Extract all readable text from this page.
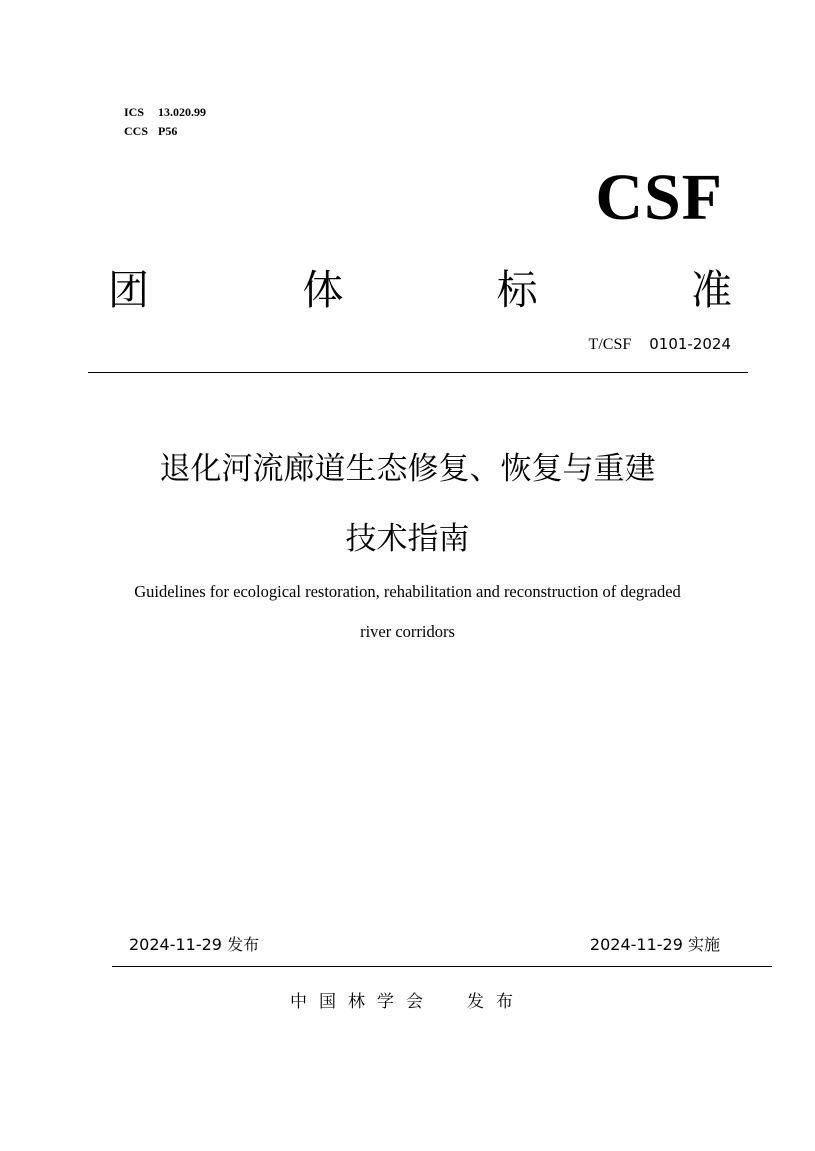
ICS 13.020.99
CCS P56
CSF
团	体	标	准
T/CSF 0101-2024
退化河流廊道生态修复、恢复与重建
技术指南
Guidelines for ecological restoration, rehabilitation and reconstruction of degraded
river corridors
2024-11-29 发布	2024-11-29 实施
中国林学会 发布
